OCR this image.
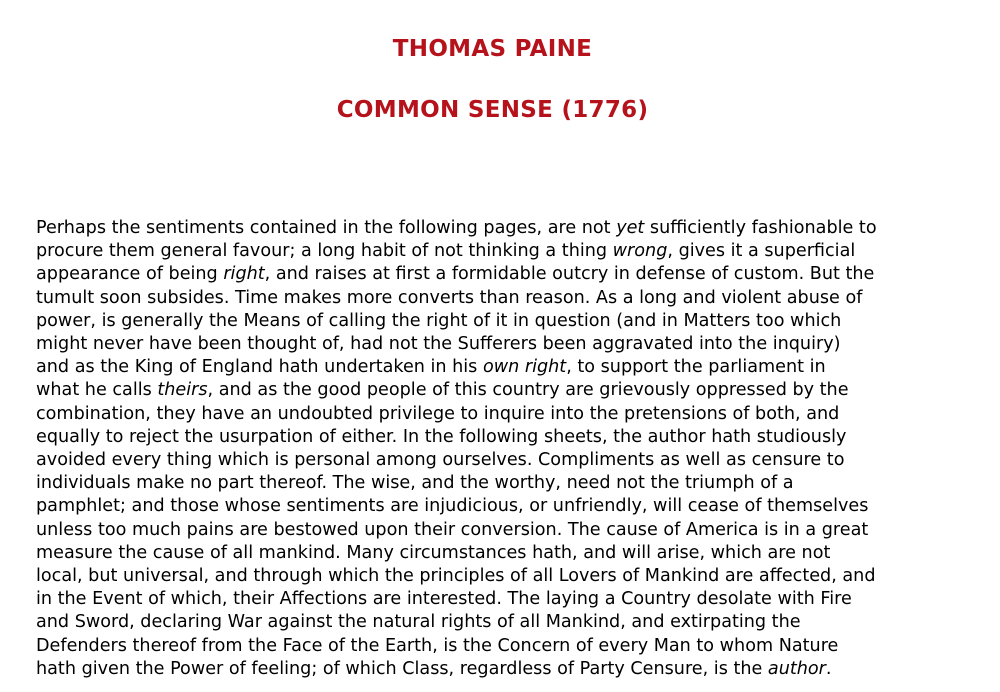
THOMAS PAINE
COMMON SENSE (1776)

Perhaps the sentiments contained in the following pages, are not yet sufficiently fashionable to
procure them general favour; a long habit of not thinking a thing wrong, gives it a superficial
appearance of being right, and raises at first a formidable outcry in defense of custom. But the
tumult soon subsides. Time makes more converts than reason. As a long and violent abuse of
power, is generally the Means of calling the right of it in question (and in Matters too which
might never have been thought of, had not the Sufferers been aggravated into the inquiry)
and as the King of England hath undertaken in his own right, to support the parliament in
what he calls theirs, and as the good people of this country are grievously oppressed by the
combination, they have an undoubted privilege to inquire into the pretensions of both, and
equally to reject the usurpation of either. In the following sheets, the author hath studiously
avoided every thing which is personal among ourselves. Compliments as well as censure to
individuals make no part thereof. The wise, and the worthy, need not the triumph of a
pamphlet; and those whose sentiments are injudicious, or unfriendly, will cease of themselves
unless too much pains are bestowed upon their conversion. The cause of America is in a great
measure the cause of all mankind. Many circumstances hath, and will arise, which are not
local, but universal, and through which the principles of all Lovers of Mankind are affected, and
in the Event of which, their Affections are interested. The laying a Country desolate with Fire
and Sword, declaring War against the natural rights of all Mankind, and extirpating the
Defenders thereof from the Face of the Earth, is the Concern of every Man to whom Nature
hath given the Power of feeling; of which Class, regardless of Party Censure, is the author.
